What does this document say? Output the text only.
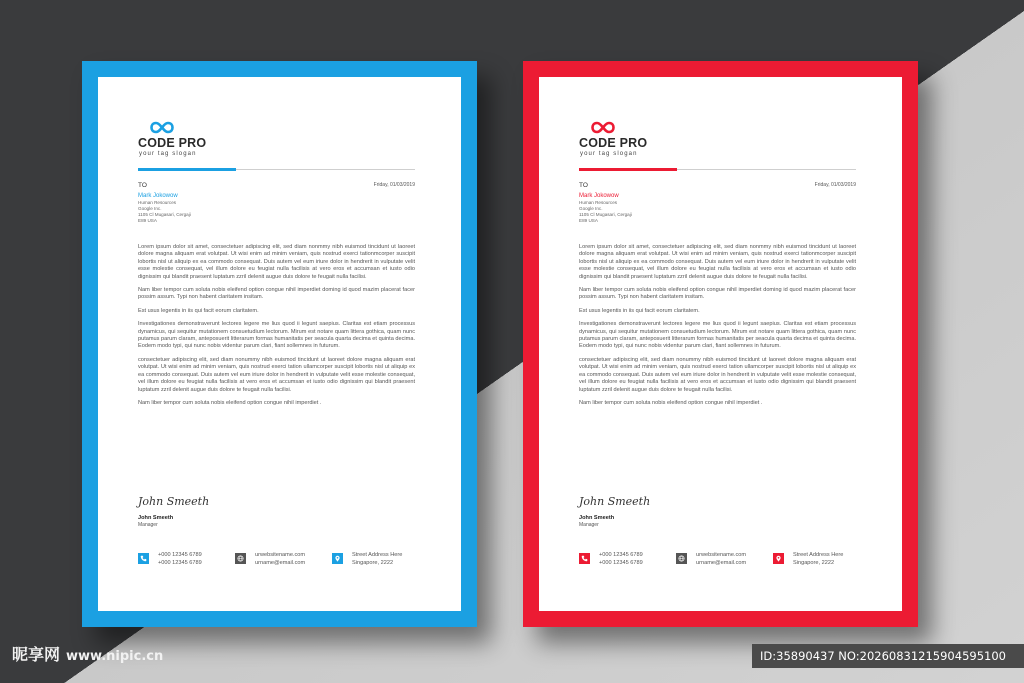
CODE PRO
your tag slogan
TO	Friday, 01/03/2019
Mark Jokowow
Human Resources
Google Inc.
1105 Cl Mugasari, Cergaji
E89 USA

Lorem ipsum dolor sit amet, consectetuer adipiscing elit, sed diam nonmmy nibh euismod tincidunt ut laoreet dolore magna aliquam erat volutpat. Ut wisi enim ad minim veniam, quis nostrud exerci tationmcorper suscipit lobortis nisl ut aliquip ex ea commodo consequat. Duis autem vel eum iriure dolor in hendrerit in vulputate velit esse molestie consequat, vel illum dolore eu feugiat nulla facilisis at vero eros et accumsan et iusto odio dignissim qui blandit praesent luptatum zzril delenit augue duis dolore te feugait nulla facilisi.

Nam liber tempor cum soluta nobis eleifend option congue nihil imperdiet doming id quod mazim placerat facer possim assum. Typi non habent claritatem insitam.

Est usus legentis in iis qui facit eorum claritatem.

Investigationes demonstraverunt lectores legere me lius quod ii legunt saepius. Claritas est etiam processus dynamicus, qui sequitur mutationem consuetudium lectorum. Mirum est notare quam littera gothica, quam nunc putamus parum claram, anteposuerit litterarum formas humanitatis per seacula quarta decima et quinta decima. Eodem modo typi, qui nunc nobis videntur parum clari, fiant sollemnes in futurum.

consectetuer adipiscing elit, sed diam nonummy nibh euismod tincidunt ut laoreet dolore magna aliquam erat volutpat. Ut wisi enim ad minim veniam, quis nostrud exerci tation ullamcorper suscipit lobortis nisl ut aliquip ex ea commodo consequat. Duis autem vel eum iriure dolor in hendrerit in vulputate velit esse molestie consequat, vel illum dolore eu feugiat nulla facilisis at vero eros et accumsan et iusto odio dignissim qui blandit praesent luptatum zzril delenit augue duis dolore te feugait nulla facilisi.

Nam liber tempor cum soluta nobis eleifend option congue nihil imperdiet .

John Smeeth
John Smeeth
Manager
+000 12345 6789
+000 12345 6789
urwebsitename.com
urname@email.com
Street Address Here
Singapore, 2222
CODE PRO
your tag slogan
TO	Friday, 01/03/2019
Mark Jokowow
Human Resources
Google Inc.
1105 Cl Mugasari, Cergaji
E89 USA

Lorem ipsum dolor sit amet, consectetuer adipiscing elit, sed diam nonmmy nibh euismod tincidunt ut laoreet dolore magna aliquam erat volutpat. Ut wisi enim ad minim veniam, quis nostrud exerci tationmcorper suscipit lobortis nisl ut aliquip ex ea commodo consequat. Duis autem vel eum iriure dolor in hendrerit in vulputate velit esse molestie consequat, vel illum dolore eu feugiat nulla facilisis at vero eros et accumsan et iusto odio dignissim qui blandit praesent luptatum zzril delenit augue duis dolore te feugait nulla facilisi.

Nam liber tempor cum soluta nobis eleifend option congue nihil imperdiet doming id quod mazim placerat facer possim assum. Typi non habent claritatem insitam.

Est usus legentis in iis qui facit eorum claritatem.

Investigationes demonstraverunt lectores legere me lius quod ii legunt saepius. Claritas est etiam processus dynamicus, qui sequitur mutationem consuetudium lectorum. Mirum est notare quam littera gothica, quam nunc putamus parum claram, anteposuerit litterarum formas humanitatis per seacula quarta decima et quinta decima. Eodem modo typi, qui nunc nobis videntur parum clari, fiant sollemnes in futurum.

consectetuer adipiscing elit, sed diam nonummy nibh euismod tincidunt ut laoreet dolore magna aliquam erat volutpat. Ut wisi enim ad minim veniam, quis nostrud exerci tation ullamcorper suscipit lobortis nisl ut aliquip ex ea commodo consequat. Duis autem vel eum iriure dolor in hendrerit in vulputate velit esse molestie consequat, vel illum dolore eu feugiat nulla facilisis at vero eros et accumsan et iusto odio dignissim qui blandit praesent luptatum zzril delenit augue duis dolore te feugait nulla facilisi.

Nam liber tempor cum soluta nobis eleifend option congue nihil imperdiet .

John Smeeth
John Smeeth
Manager
+000 12345 6789
+000 12345 6789
urwebsitename.com
urname@email.com
Street Address Here
Singapore, 2222
昵享网 www.nipic.cn	ID:35890437 NO:20260831215904595100
